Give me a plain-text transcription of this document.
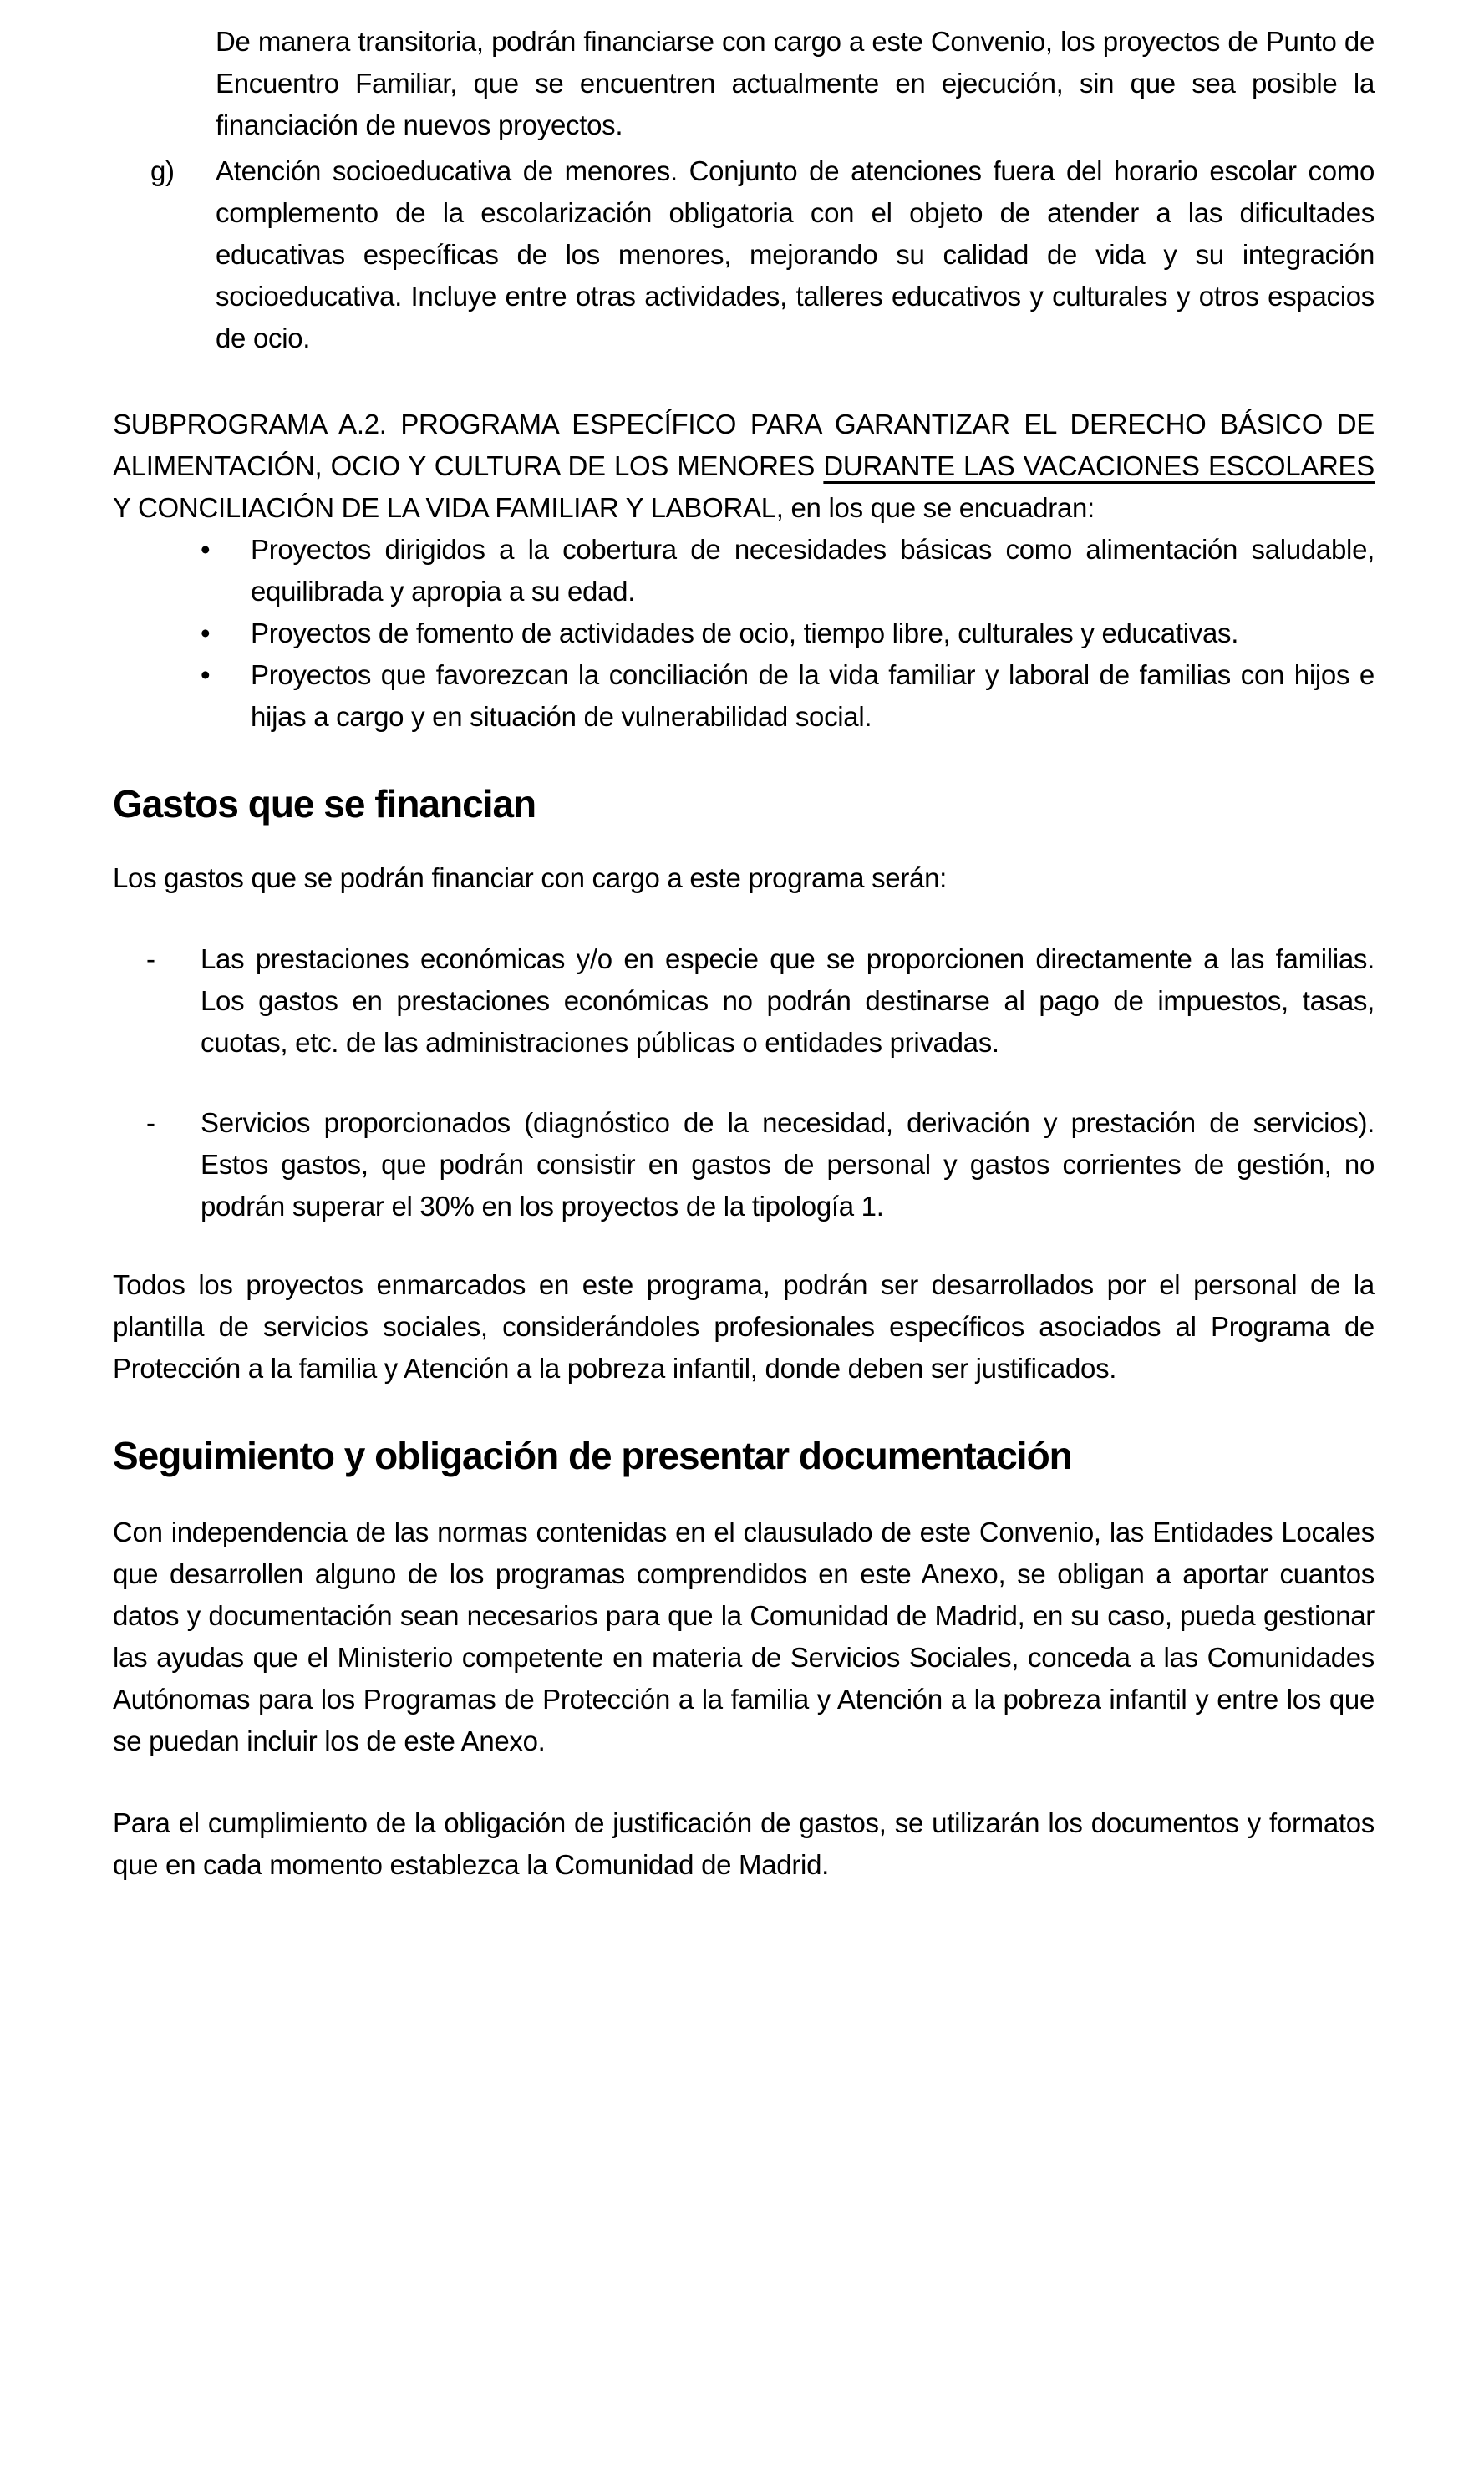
De manera transitoria, podrán financiarse con cargo a este Convenio, los proyectos de Punto de Encuentro Familiar, que se encuentren actualmente en ejecución, sin que sea posible la financiación de nuevos proyectos.

g)	Atención socioeducativa de menores. Conjunto de atenciones fuera del horario escolar como complemento de la escolarización obligatoria con el objeto de atender a las dificultades educativas específicas de los menores, mejorando su calidad de vida y su integración socioeducativa. Incluye entre otras actividades, talleres educativos y culturales y otros espacios de ocio.

SUBPROGRAMA A.2. PROGRAMA ESPECÍFICO PARA GARANTIZAR EL DERECHO BÁSICO DE ALIMENTACIÓN, OCIO Y CULTURA DE LOS MENORES DURANTE LAS VACACIONES ESCOLARES Y CONCILIACIÓN DE LA VIDA FAMILIAR Y LABORAL, en los que se encuadran:

•	Proyectos dirigidos a la cobertura de necesidades básicas como alimentación saludable, equilibrada y apropia a su edad.
•	Proyectos de fomento de actividades de ocio, tiempo libre, culturales y educativas.
•	Proyectos que favorezcan la conciliación de la vida familiar y laboral de familias con hijos e hijas a cargo y en situación de vulnerabilidad social.
Gastos que se financian

Los gastos que se podrán financiar con cargo a este programa serán:

-	Las prestaciones económicas y/o en especie que se proporcionen directamente a las familias. Los gastos en prestaciones económicas no podrán destinarse al pago de impuestos, tasas, cuotas, etc. de las administraciones públicas o entidades privadas.
-	Servicios proporcionados (diagnóstico de la necesidad, derivación y prestación de servicios). Estos gastos, que podrán consistir en gastos de personal y gastos corrientes de gestión, no podrán superar el 30% en los proyectos de la tipología 1.

Todos los proyectos enmarcados en este programa, podrán ser desarrollados por el personal de la plantilla de servicios sociales, considerándoles profesionales específicos asociados al Programa de Protección a la familia y Atención a la pobreza infantil, donde deben ser justificados.

Seguimiento y obligación de presentar documentación

Con independencia de las normas contenidas en el clausulado de este Convenio, las Entidades Locales que desarrollen alguno de los programas comprendidos en este Anexo, se obligan a aportar cuantos datos y documentación sean necesarios para que la Comunidad de Madrid, en su caso, pueda gestionar las ayudas que el Ministerio competente en materia de Servicios Sociales, conceda a las Comunidades Autónomas para los Programas de Protección a la familia y Atención a la pobreza infantil y entre los que se puedan incluir los de este Anexo.

Para el cumplimiento de la obligación de justificación de gastos, se utilizarán los documentos y formatos que en cada momento establezca la Comunidad de Madrid.
